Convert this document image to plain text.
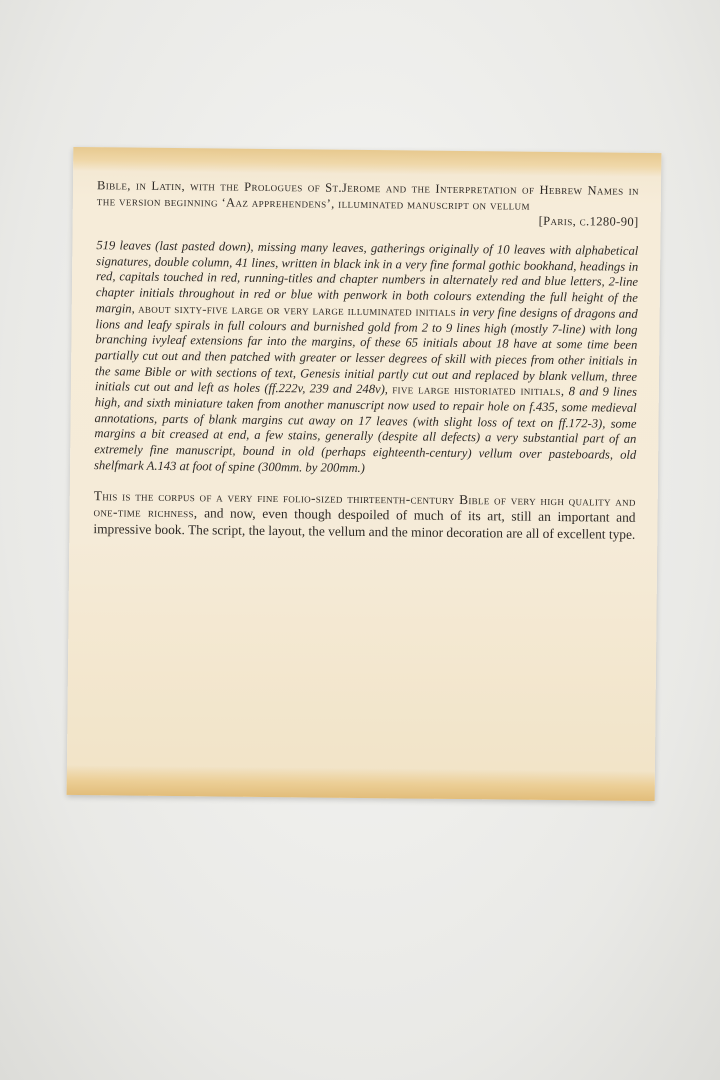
Bible, in Latin, with the Prologues of St.Jerome and the Interpretation of Hebrew Names in the version beginning ‘Aaz apprehendens’, illuminated manuscript on vellum
[Paris, c.1280-90]

519 leaves (last pasted down), missing many leaves, gatherings originally of 10 leaves with alphabetical signatures, double column, 41 lines, written in black ink in a very fine formal gothic bookhand, headings in red, capitals touched in red, running-titles and chapter numbers in alternately red and blue letters, 2-line chapter initials throughout in red or blue with penwork in both colours extending the full height of the margin, about sixty-five large or very large illuminated initials in very fine designs of dragons and lions and leafy spirals in full colours and burnished gold from 2 to 9 lines high (mostly 7-line) with long branching ivyleaf extensions far into the margins, of these 65 initials about 18 have at some time been partially cut out and then patched with greater or lesser degrees of skill with pieces from other initials in the same Bible or with sections of text, Genesis initial partly cut out and replaced by blank vellum, three initials cut out and left as holes (ff.222v, 239 and 248v), five large historiated initials, 8 and 9 lines high, and sixth miniature taken from another manuscript now used to repair hole on f.435, some medieval annotations, parts of blank margins cut away on 17 leaves (with slight loss of text on ff.172-3), some margins a bit creased at end, a few stains, generally (despite all defects) a very substantial part of an extremely fine manuscript, bound in old (perhaps eighteenth-century) vellum over pasteboards, old shelfmark A.143 at foot of spine (300mm. by 200mm.)

This is the corpus of a very fine folio-sized thirteenth-century Bible of very high quality and one-time richness, and now, even though despoiled of much of its art, still an important and impressive book. The script, the layout, the vellum and the minor decoration are all of excellent type.
